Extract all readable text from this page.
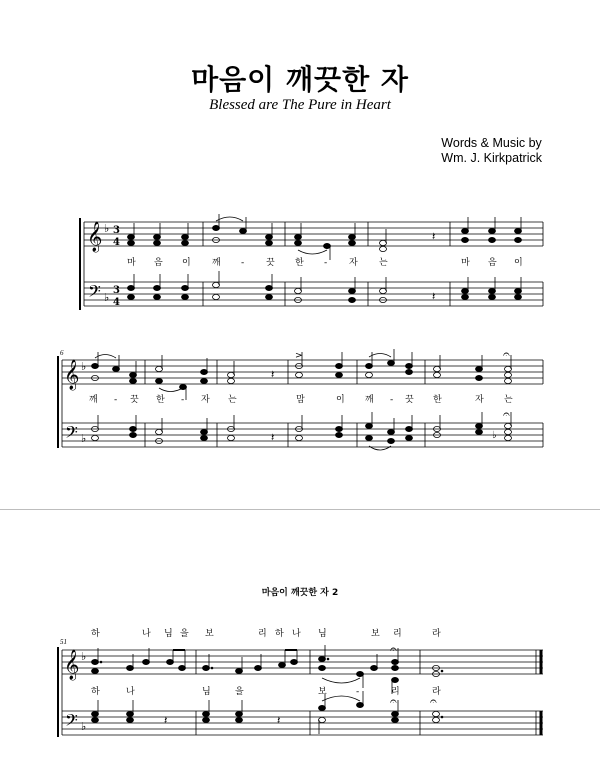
마음이 깨끗한 자
Blessed are The Pure in Heart
Words & Music by
Wm. J. Kirkpatrick
𝄞
𝄢
♭
♭
3
4
3
4
𝄽
𝄽
마 음 이 깨 - 끗 한 - 자 는	마 음 이
6
𝄞
𝄢
♭
♭
𝄽
>	𝄐
𝄽	♭
𝄐
깨 - 끗 한 - 자 는	맘	이 깨 - 끗 한	자 는
51
𝄞
𝄢
♭
♭
𝄐
𝄽	𝄽
𝄐	𝄐
하	나 님 을 보	리 하 나 님	보 리	라
하	나	님	을	보	-	리	라
마음이 깨끗한 자 2
